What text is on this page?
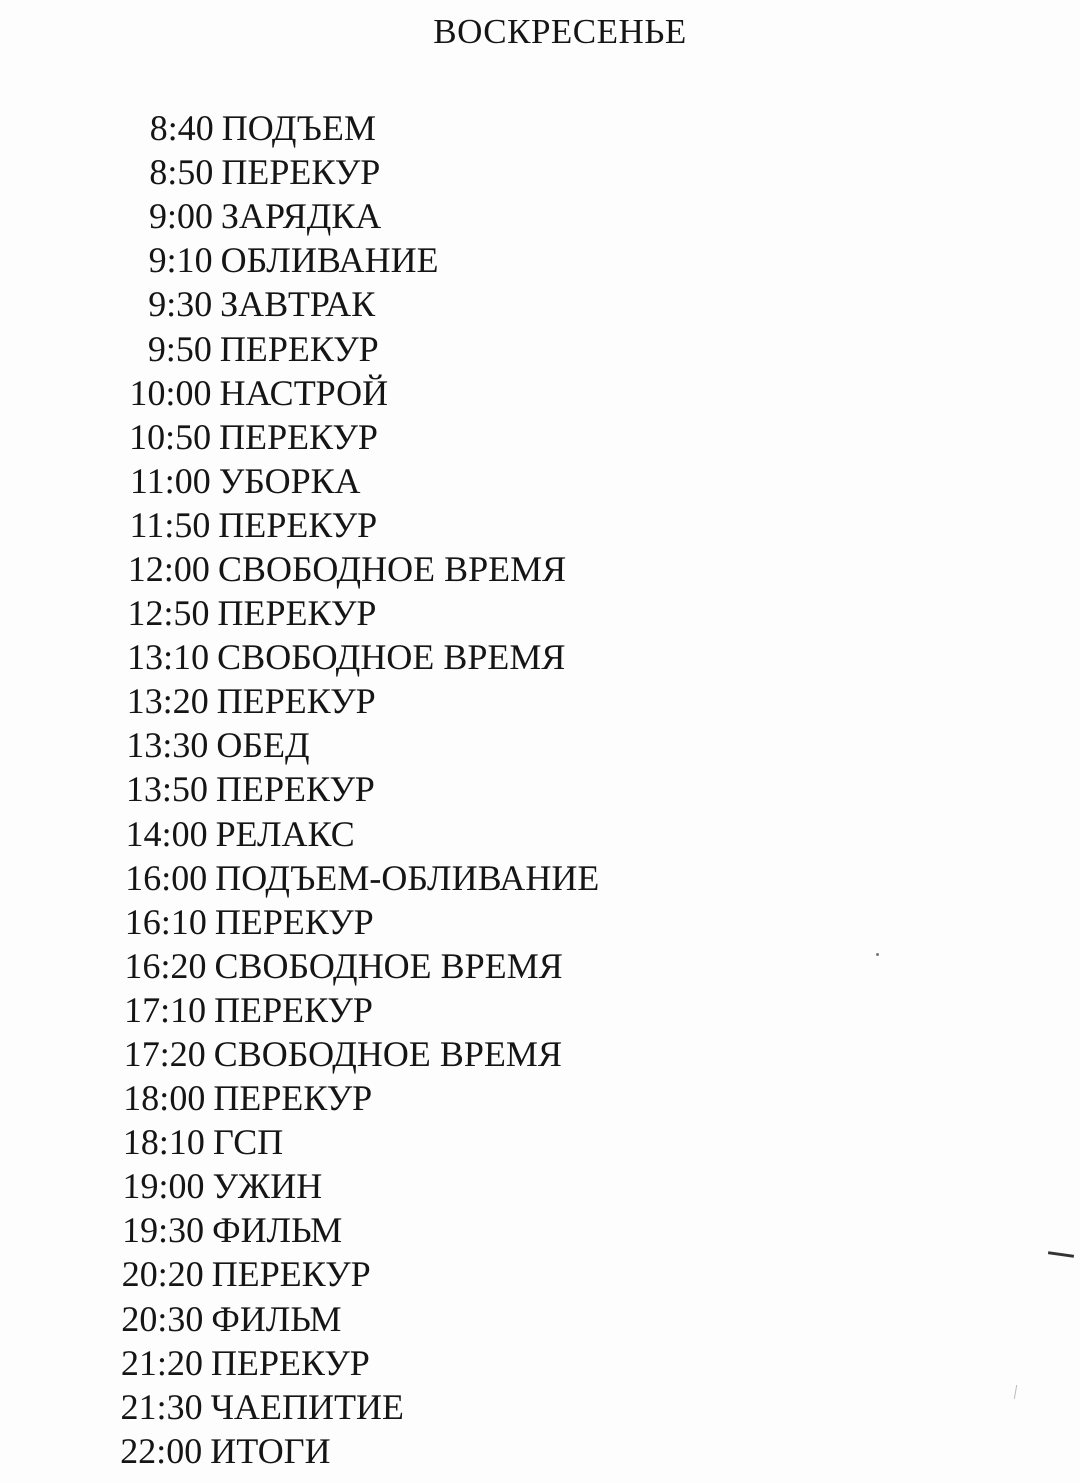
ВОСКРЕСЕНЬЕ
8:40 ПОДЪЕМ
8:50 ПЕРЕКУР
9:00 ЗАРЯДКА
9:10 ОБЛИВАНИЕ
9:30 ЗАВТРАК
9:50 ПЕРЕКУР
10:00 НАСТРОЙ
10:50 ПЕРЕКУР
11:00 УБОРКА
11:50 ПЕРЕКУР
12:00 СВОБОДНОЕ ВРЕМЯ
12:50 ПЕРЕКУР
13:10 СВОБОДНОЕ ВРЕМЯ
13:20 ПЕРЕКУР
13:30 ОБЕД
13:50 ПЕРЕКУР
14:00 РЕЛАКС
16:00 ПОДЪЕМ-ОБЛИВАНИЕ
16:10 ПЕРЕКУР
16:20 СВОБОДНОЕ ВРЕМЯ
17:10 ПЕРЕКУР
17:20 СВОБОДНОЕ ВРЕМЯ
18:00 ПЕРЕКУР
18:10 ГСП
19:00 УЖИН
19:30 ФИЛЬМ
20:20 ПЕРЕКУР
20:30 ФИЛЬМ
21:20 ПЕРЕКУР
21:30 ЧАЕПИТИЕ
22:00 ИТОГИ
